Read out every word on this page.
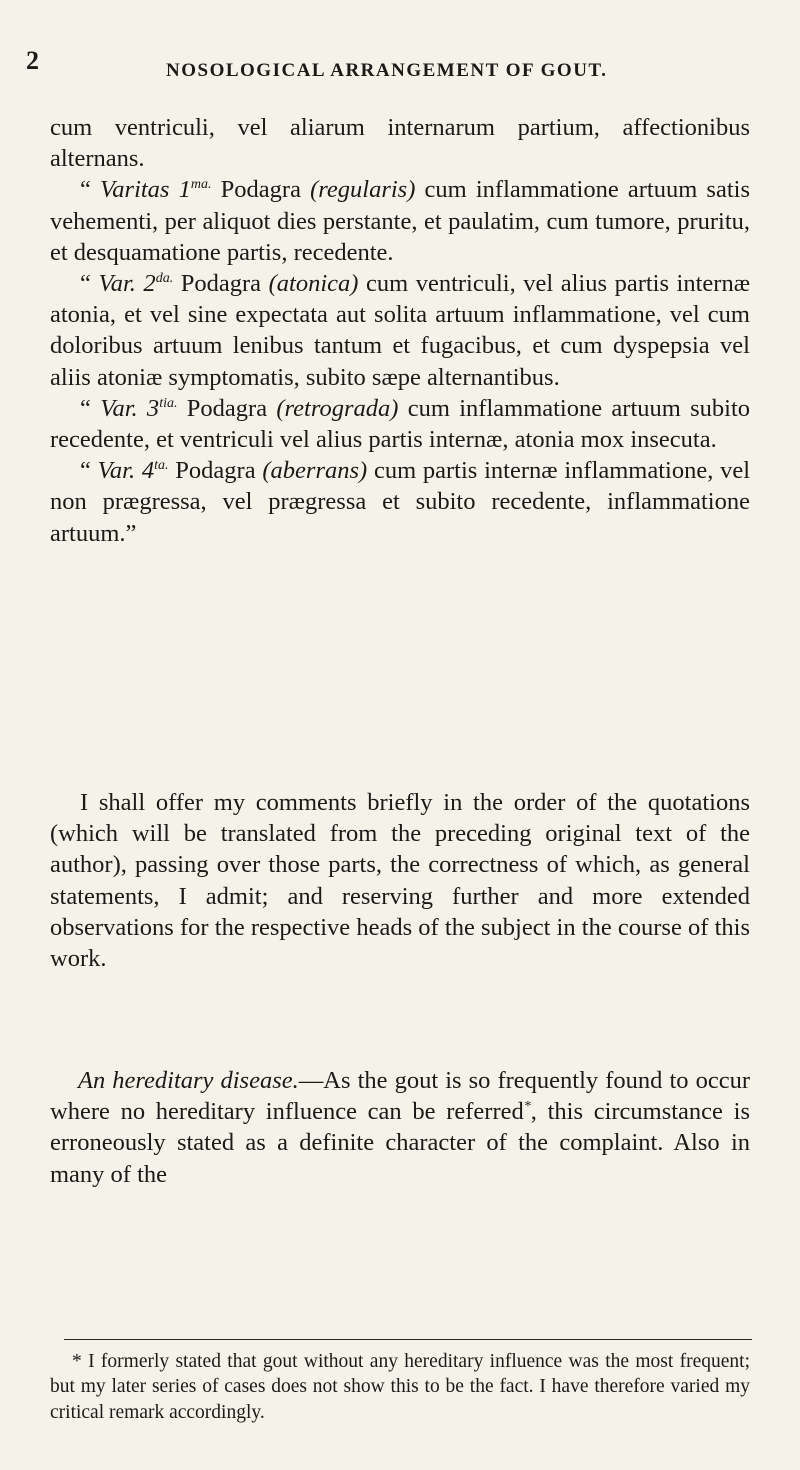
2	NOSOLOGICAL ARRANGEMENT OF GOUT.

cum ventriculi, vel aliarum internarum partium, affectionibus alternans.

“ Varitas $1^{ma.}$ Podagra (regularis) cum inflammatione artuum satis vehementi, per aliquot dies perstante, et paulatim, cum tumore, pruritu, et desquamatione partis, recedente.

“ Var. $2^{da.}$ Podagra (atonica) cum ventriculi, vel alius partis internæ atonia, et vel sine expectata aut solita artuum inflammatione, vel cum doloribus artuum lenibus tantum et fugacibus, et cum dyspepsia vel aliis atoniæ symptomatis, subito sæpe alternantibus.

“ Var. $3^{tia.}$ Podagra (retrograda) cum inflammatione artuum subito recedente, et ventriculi vel alius partis internæ, atonia mox insecuta.

“ Var. $4^{ta.}$ Podagra (aberrans) cum partis internæ inflammatione, vel non prægressa, vel prægressa et subito recedente, inflammatione artuum.”

I shall offer my comments briefly in the order of the quotations (which will be translated from the preceding original text of the author), passing over those parts, the correctness of which, as general statements, I admit; and reserving further and more extended observations for the respective heads of the subject in the course of this work.

An hereditary disease.—As the gout is so frequently found to occur where no hereditary influence can be referred*, this circumstance is erroneously stated as a definite character of the complaint. Also in many of the

* I formerly stated that gout without any hereditary influence was the most frequent; but my later series of cases does not show this to be the fact. I have therefore varied my critical remark accordingly.
